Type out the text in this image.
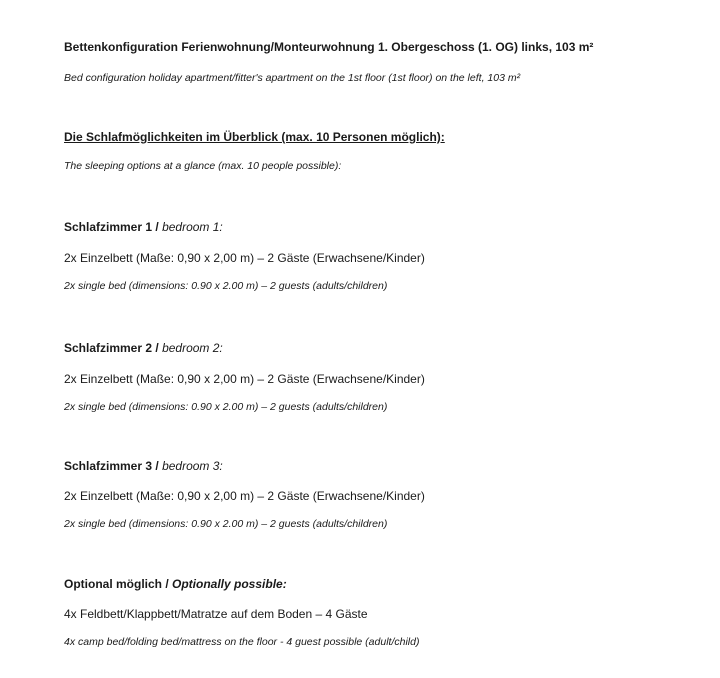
Bettenkonfiguration Ferienwohnung/Monteurwohnung 1. Obergeschoss (1. OG) links, 103 m²
Bed configuration holiday apartment/fitter's apartment on the 1st floor (1st floor) on the left, 103 m²
Die Schlafmöglichkeiten im Überblick (max. 10 Personen möglich):
The sleeping options at a glance (max. 10 people possible):
Schlafzimmer 1 / bedroom 1:
2x Einzelbett (Maße: 0,90 x 2,00 m) – 2 Gäste (Erwachsene/Kinder)
2x single bed (dimensions: 0.90 x 2.00 m) – 2 guests (adults/children)
Schlafzimmer 2 / bedroom 2:
2x Einzelbett (Maße: 0,90 x 2,00 m) – 2 Gäste (Erwachsene/Kinder)
2x single bed (dimensions: 0.90 x 2.00 m) – 2 guests (adults/children)
Schlafzimmer 3 / bedroom 3:
2x Einzelbett (Maße: 0,90 x 2,00 m) – 2 Gäste (Erwachsene/Kinder)
2x single bed (dimensions: 0.90 x 2.00 m) – 2 guests (adults/children)
Optional möglich / Optionally possible:
4x Feldbett/Klappbett/Matratze auf dem Boden – 4 Gäste
4x camp bed/folding bed/mattress on the floor - 4 guest possible (adult/child)
